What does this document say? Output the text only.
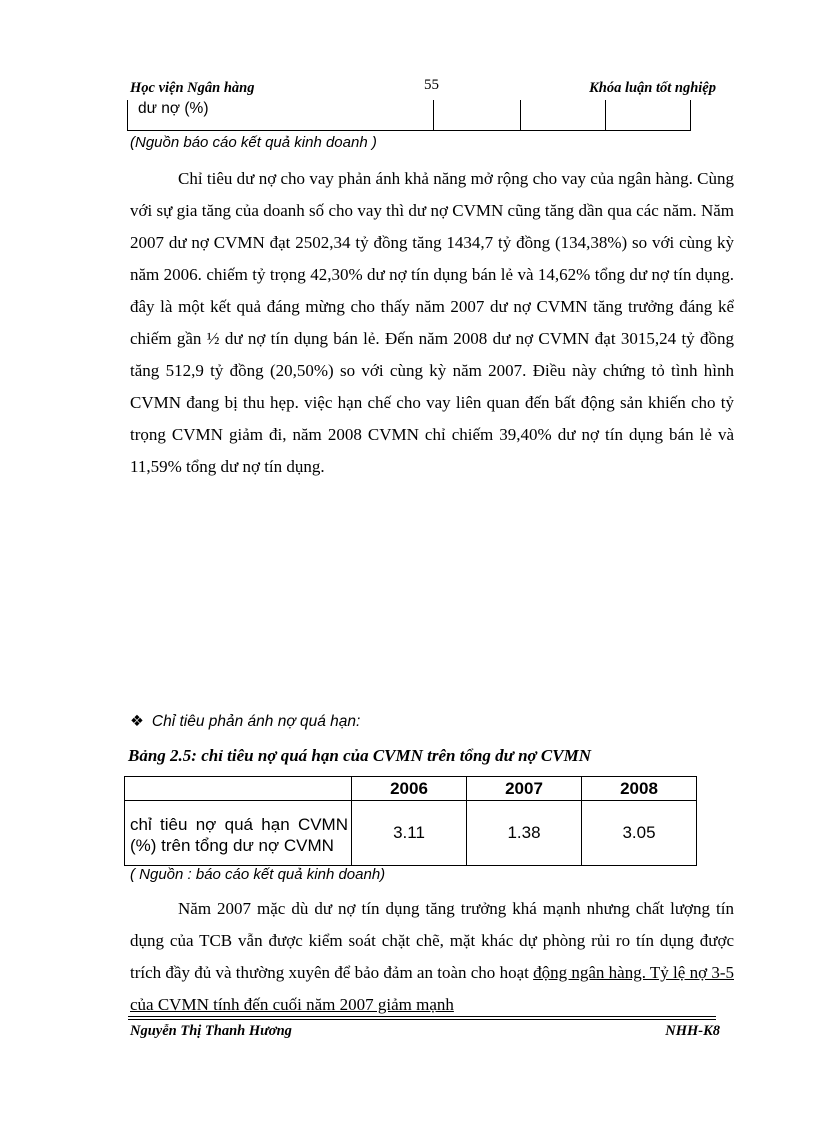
Học viện Ngân hàng	55	Khóa luận tốt nghiệp
dư nợ (%)			
(Nguồn báo cáo kết quả kinh doanh )
Chỉ tiêu dư nợ cho vay phản ánh khả năng mở rộng cho vay của ngân hàng. Cùng với sự gia tăng của doanh số cho vay thì dư nợ CVMN cũng tăng dần qua các năm. Năm 2007 dư nợ CVMN đạt 2502,34 tỷ đồng tăng 1434,7 tỷ đồng (134,38%) so với cùng kỳ năm 2006. chiếm tỷ trọng 42,30% dư nợ tín dụng bán lẻ và 14,62% tổng dư nợ tín dụng. đây là một kết quả đáng mừng cho thấy năm 2007 dư nợ CVMN tăng trưởng đáng kể chiếm gần ½ dư nợ tín dụng bán lẻ. Đến năm 2008 dư nợ CVMN đạt 3015,24 tỷ đồng tăng 512,9 tỷ đồng (20,50%) so với cùng kỳ năm 2007. Điều này chứng tỏ tình hình CVMN đang bị thu hẹp. việc hạn chế cho vay liên quan đến bất động sản khiến cho tỷ trọng CVMN giảm đi, năm 2008 CVMN chỉ chiếm 39,40% dư nợ tín dụng bán lẻ và 11,59% tổng dư nợ tín dụng.
❖ Chỉ tiêu phản ánh nợ quá hạn:
Bảng 2.5: chỉ tiêu nợ quá hạn của CVMN trên tổng dư nợ CVMN
	2006	2007	2008
chỉ tiêu nợ quá hạn CVMN (%) trên tổng dư nợ CVMN	3.11	1.38	3.05
( Nguồn : báo cáo kết quả kinh doanh)
Năm 2007 mặc dù dư nợ tín dụng tăng trưởng khá mạnh nhưng chất lượng tín dụng của TCB vẫn được kiểm soát chặt chẽ, mặt khác dự phòng rủi ro tín dụng được trích đầy đủ và thường xuyên để bảo đảm an toàn cho hoạt động ngân hàng. Tỷ lệ nợ 3-5 của CVMN tính đến cuối năm 2007 giảm mạnh
Nguyễn Thị Thanh Hương	NHH-K8
